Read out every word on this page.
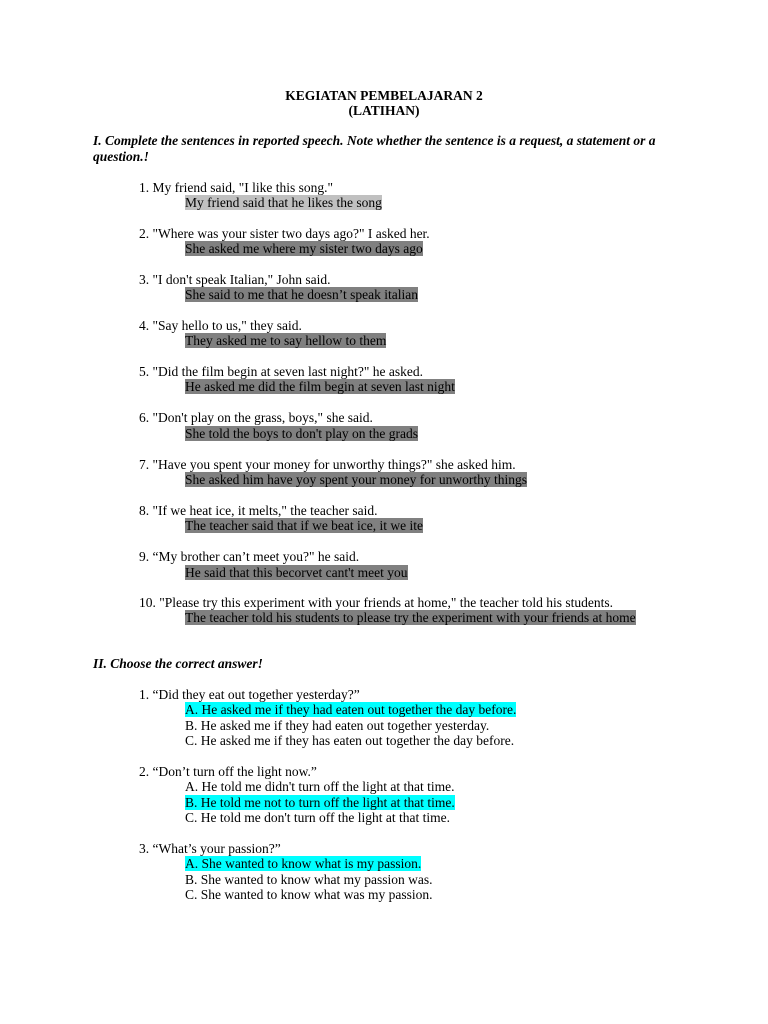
KEGIATAN PEMBELAJARAN 2
(LATIHAN)
I. Complete the sentences in reported speech. Note whether the sentence is a request, a statement or a question.!
1. My friend said, "I like this song."
My friend said that he likes the song
2. "Where was your sister two days ago?" I asked her.
She asked me where my sister two days ago
3. "I don't speak Italian," John said.
She said to me that he doesn’t speak italian
4. "Say hello to us," they said.
They asked me to say hellow to them
5. "Did the film begin at seven last night?" he asked.
He asked me did the film begin at seven last night
6. "Don't play on the grass, boys," she said.
She told the boys to don't play on the grads
7. "Have you spent your money for unworthy things?" she asked him.
She asked him have yoy spent your money for unworthy things
8. "If we heat ice, it melts," the teacher said.
The teacher said that if we beat ice, it we ite
9. “My brother can’t meet you?" he said.
He said that this becorvet cant't meet you
10. "Please try this experiment with your friends at home," the teacher told his students.
The teacher told his students to please try the experiment with your friends at home
II. Choose the correct answer!
1. “Did they eat out together yesterday?”
A. He asked me if they had eaten out together the day before.
B. He asked me if they had eaten out together yesterday.
C. He asked me if they has eaten out together the day before.
2. “Don’t turn off the light now.”
A. He told me didn't turn off the light at that time.
B. He told me not to turn off the light at that time.
C. He told me don't turn off the light at that time.
3. “What’s your passion?”
A. She wanted to know what is my passion.
B. She wanted to know what my passion was.
C. She wanted to know what was my passion.
